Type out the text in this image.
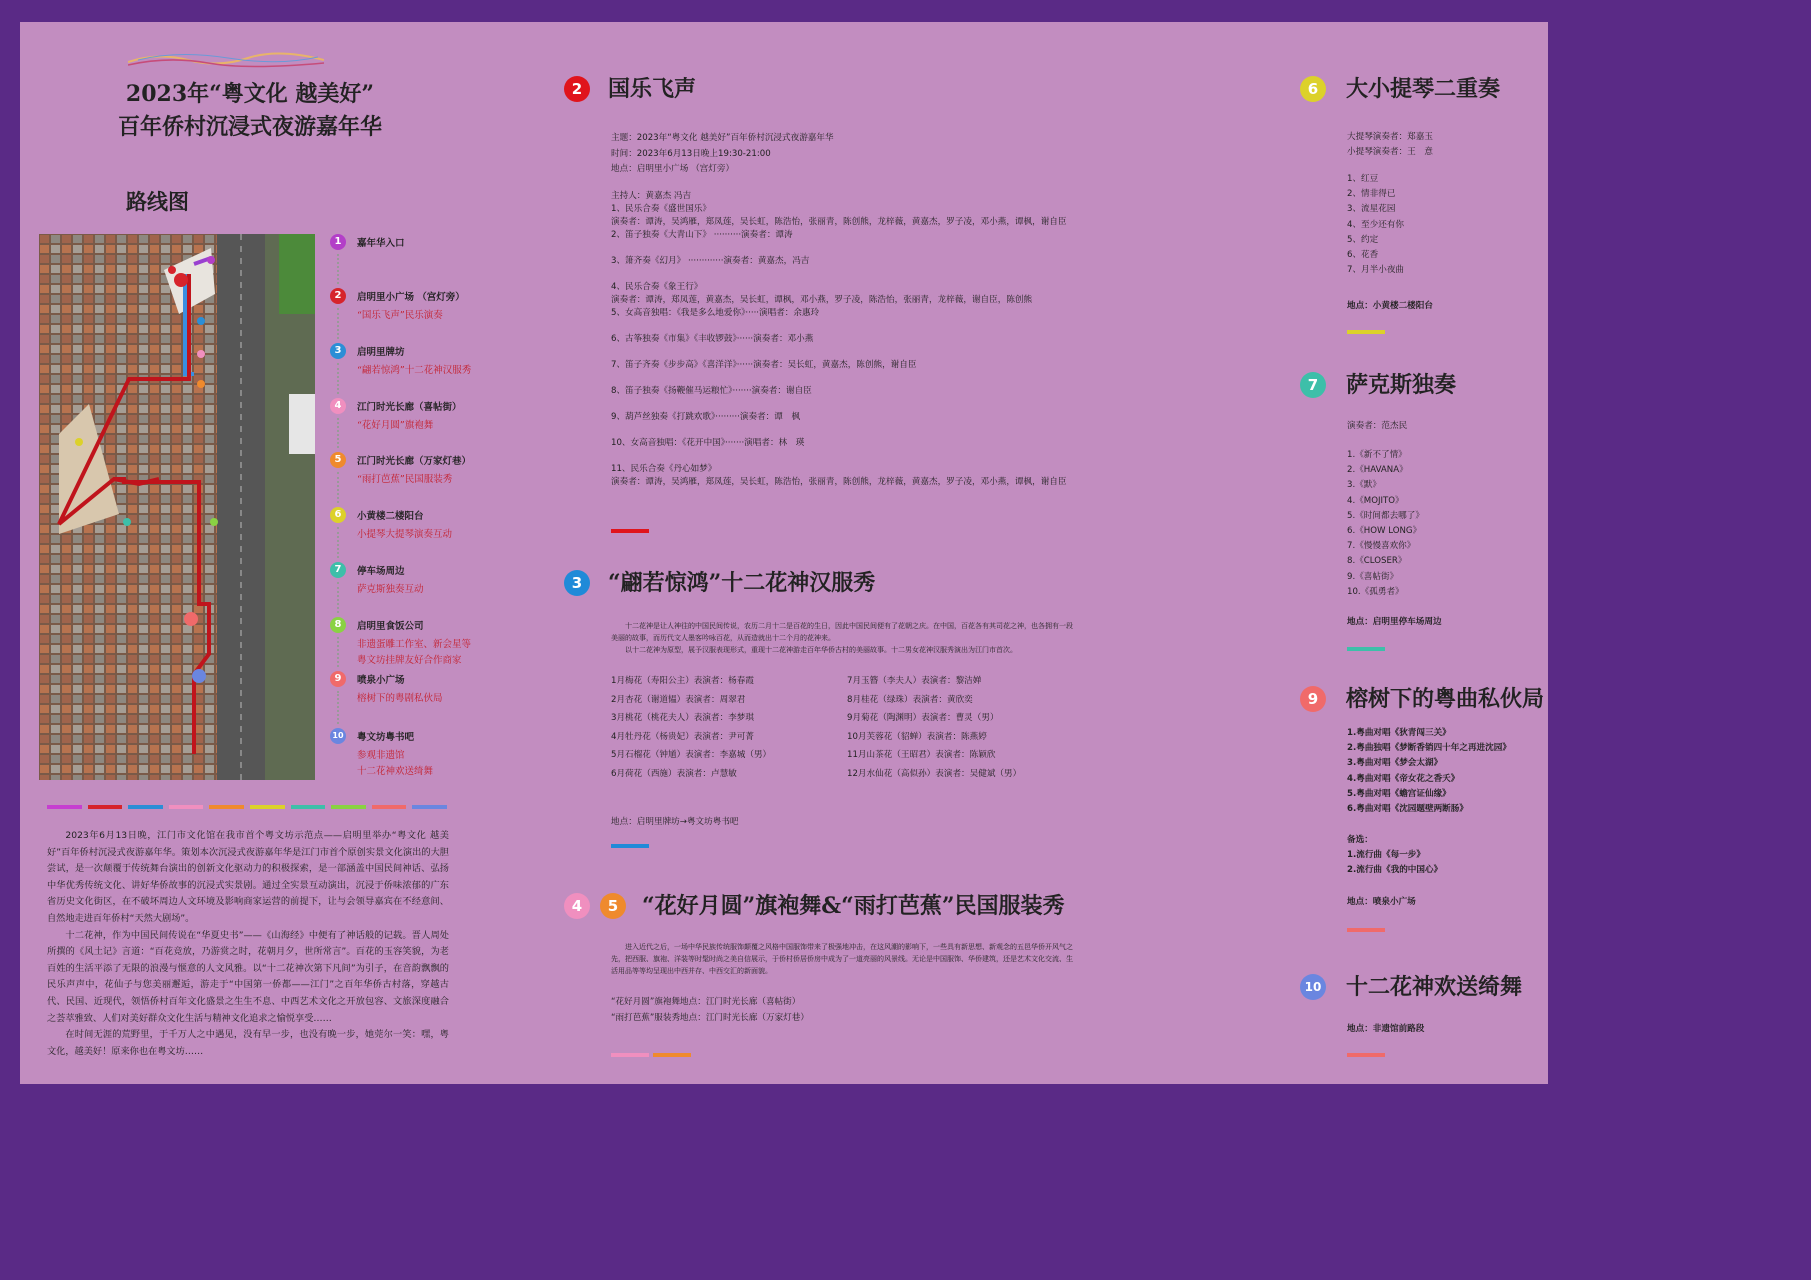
2023年“粤文化 越美好”
百年侨村沉浸式夜游嘉年华
路线图
1	嘉年华入口
2	启明里小广场 （宫灯旁）
“国乐飞声”民乐演奏
3	启明里牌坊
“翩若惊鸿”十二花神汉服秀
4	江门时光长廊（喜帖街）
“花好月圆”旗袍舞
5	江门时光长廊（万家灯巷）
“雨打芭蕉”民国服装秀
6	小黄楼二楼阳台
小提琴大提琴演奏互动
7	停车场周边
萨克斯独奏互动
8	启明里食饭公司
非遗蛋雕工作室、新会星等
粤文坊挂牌友好合作商家
9	喷泉小广场
榕树下的粤剧私伙局
10 粤文坊粤书吧
参观非遗馆
十二花神欢送绮舞

2023年6月13日晚，江门市文化馆在我市首个粤文坊示范点——启明里举办“粤文化 越美好”百年侨村沉浸式夜游嘉年华。策划本次沉浸式夜游嘉年华是江门市首个原创实景文化演出的大胆尝试，是一次颠覆于传统舞台演出的创新文化驱动力的积极探索，是一部涵盖中国民间神话、弘扬中华优秀传统文化、讲好华侨故事的沉浸式实景剧。通过全实景互动演出，沉浸于侨味浓郁的广东省历史文化街区，在不破坏周边人文环境及影响商家运营的前提下，让与会领导嘉宾在不经意间、自然地走进百年侨村“天然大剧场”。

十二花神，作为中国民间传说在“华夏史书”——《山海经》中便有了神话般的记载。晋人周处所撰的《风土记》言道：“百花竞放，乃游赏之时，花朝月夕，世所常言”。百花的玉容笑貌，为老百姓的生活平添了无限的浪漫与惬意的人文风雅。以“十二花神次第下凡间”为引子，在音韵飘飘的民乐声声中，花仙子与您美丽邂逅，游走于“中国第一侨都——江门”之百年华侨古村落，穿越古代、民国、近现代，领悟侨村百年文化盛景之生生不息、中西艺术文化之开放包容、文旅深度融合之荟萃雅致、人们对美好群众文化生活与精神文化追求之愉悦享受……

在时间无涯的荒野里，于千万人之中遇见，没有早一步，也没有晚一步，她莞尔一笑：嘿，粤文化，越美好！原来你也在粤文坊……

2	国乐飞声
主题：2023年“粤文化 越美好”百年侨村沉浸式夜游嘉年华
时间：2023年6月13日晚上19:30-21:00
地点：启明里小广场 （宫灯旁）
主持人：黄嘉杰 冯吉
1、民乐合奏《盛世国乐》
演奏者：谭涛，吴鸿雁，郑凤莲，吴长虹，陈浩怡，张丽青，陈创熊，龙梓薇，黄嘉杰，罗子凌，邓小燕，谭枫，谢自臣
2、笛子独奏《大青山下》 ··········演奏者：谭涛
3、箫齐奏《幻月》 ·············演奏者：黄嘉杰，冯吉
4、民乐合奏《象王行》
演奏者：谭涛，郑凤莲，黄嘉杰，吴长虹，谭枫，邓小燕，罗子凌，陈浩怡，张丽青，龙梓薇，谢自臣，陈创熊
5、女高音独唱：《我是多么地爱你》·····演唱者：余惠玲
6、古筝独奏《市集》《丰收锣鼓》······演奏者：邓小燕
7、笛子齐奏《步步高》《喜洋洋》······演奏者：吴长虹，黄嘉杰，陈创熊，谢自臣
8、笛子独奏《扬鞭催马运粮忙》·······演奏者：谢自臣
9、葫芦丝独奏《打跳欢歌》·········演奏者：谭　枫
10、女高音独唱：《花开中国》·······演唱者：林　瑛
11、民乐合奏《丹心如梦》
演奏者：谭涛，吴鸿雁，郑凤莲，吴长虹，陈浩怡，张丽青，陈创熊，龙梓薇，黄嘉杰，罗子凌，邓小燕，谭枫，谢自臣
3	“翩若惊鸿”十二花神汉服秀
十二花神是让人神往的中国民间传说，农历二月十二是百花的生日，因此中国民间便有了花朝之庆。在中国，百花各有其司花之神，也各拥有一段
美丽的故事，而历代文人墨客吟咏百花，从而造就出十二个月的花神来。
以十二花神为原型，展予汉服表现形式，重现十二花神游走百年华侨古村的美丽故事。十二男女花神汉服秀演出为江门市首次。
1月梅花（寿阳公主）表演者：杨春霞
2月杏花（谢道韫）表演者：周翠君
3月桃花（桃花夫人）表演者：李梦琪
4月牡丹花（杨贵妃）表演者：尹可菁
5月石榴花（钟馗）表演者：李嘉城（男）
6月荷花（西施）表演者：卢慧敏
7月玉簪（李夫人）表演者：黎洁婵
8月桂花（绿珠）表演者：黄欣奕
9月菊花（陶渊明）表演者：曹灵（男）
10月芙蓉花（貂蝉）表演者：陈燕婷
11月山茶花（王昭君）表演者：陈颖欣
12月水仙花（高似孙）表演者：吴健斌（男）
地点：启明里牌坊→粤文坊粤书吧
4	5	“花好月圆”旗袍舞&“雨打芭蕉”民国服装秀
进入近代之后，一场中华民族传统服饰颠覆之风格中国服饰带来了极强地冲击，在这风潮的影响下，一些具有新思想、新观念的五邑华侨开风气之
先，把西服、旗袍、洋装等时髦时尚之美自信展示，于侨村侨居侨房中成为了一道亮丽的风景线。无论是中国服饰、华侨建筑，还是艺术文化交流、生
活用品等等均呈现出中西并存、中西交汇的新面貌。
“花好月圆”旗袍舞地点：江门时光长廊（喜帖街）
“雨打芭蕉”服装秀地点：江门时光长廊（万家灯巷）
6	大小提琴二重奏
大提琴演奏者：郑嘉玉
小提琴演奏者：王　意
1、红豆
2、情非得已
3、流星花园
4、至少还有你
5、约定
6、花香
7、月半小夜曲
地点：小黄楼二楼阳台
7	萨克斯独奏
演奏者：范杰民
1.《新不了情》
2.《HAVANA》
3.《默》
4.《MOJITO》
5.《时间都去哪了》
6.《HOW LONG》
7.《慢慢喜欢你》
8.《CLOSER》
9.《喜帖街》
10.《孤勇者》
地点：启明里停车场周边
9	榕树下的粤曲私伙局
1.粤曲对唱《狄青闯三关》
2.粤曲独唱《梦断香销四十年之再进沈园》
3.粤曲对唱《梦会太湖》
4.粤曲对唱《帝女花之香夭》
5.粤曲对唱《蟾宫证仙缘》
6.粤曲对唱《沈园题壁两断肠》
备选：
1.流行曲《每一步》
2.流行曲《我的中国心》
地点：喷泉小广场
10 十二花神欢送绮舞
地点：非遗馆前路段
